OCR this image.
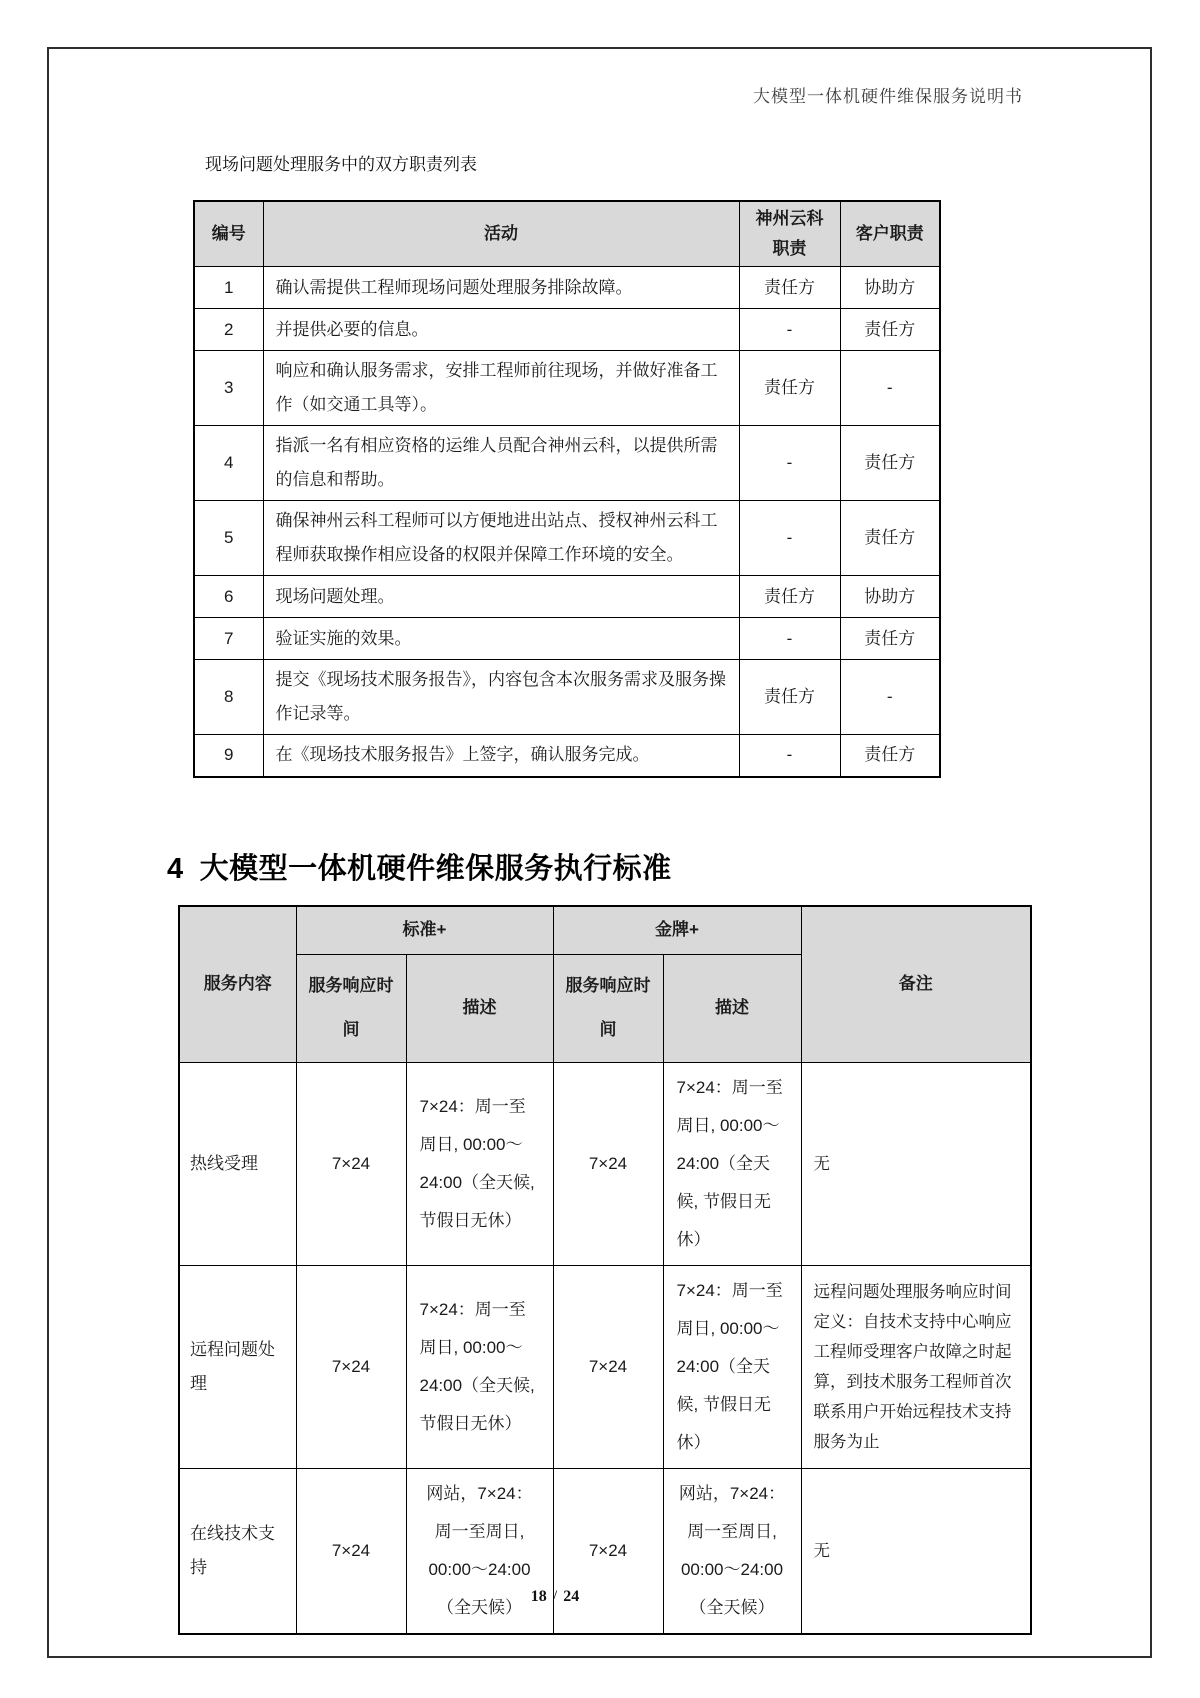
大模型一体机硬件维保服务说明书
现场问题处理服务中的双方职责列表
编号	活动	神州云科职责	客户职责
1	确认需提供工程师现场问题处理服务排除故障。	责任方	协助方
2	并提供必要的信息。	-	责任方
3	响应和确认服务需求，安排工程师前往现场，并做好准备工作（如交通工具等）。	责任方	-
4	指派一名有相应资格的运维人员配合神州云科，以提供所需的信息和帮助。	-	责任方
5	确保神州云科工程师可以方便地进出站点、授权神州云科工程师获取操作相应设备的权限并保障工作环境的安全。	-	责任方
6	现场问题处理。	责任方	协助方
7	验证实施的效果。	-	责任方
8	提交《现场技术服务报告》，内容包含本次服务需求及服务操作记录等。	责任方	-
9	在《现场技术服务报告》上签字，确认服务完成。	-	责任方
4 大模型一体机硬件维保服务执行标准
服务内容	标准+		金牌+		备注
	服务响应时间	描述	服务响应时间	描述	
热线受理	7×24	7×24：周一至周日, 00:00～24:00（全天候, 节假日无休）	7×24	7×24：周一至周日, 00:00～24:00（全天候, 节假日无休）	无
远程问题处理	7×24	7×24：周一至周日, 00:00～24:00（全天候, 节假日无休）	7×24	7×24：周一至周日, 00:00～24:00（全天候, 节假日无休）	远程问题处理服务响应时间定义：自技术支持中心响应工程师受理客户故障之时起算，到技术服务工程师首次联系用户开始远程技术支持服务为止
在线技术支持	7×24	网站，7×24：周一至周日, 00:00～24:00（全天候）	7×24	网站，7×24：周一至周日, 00:00～24:00（全天候）	无
18 / 24
